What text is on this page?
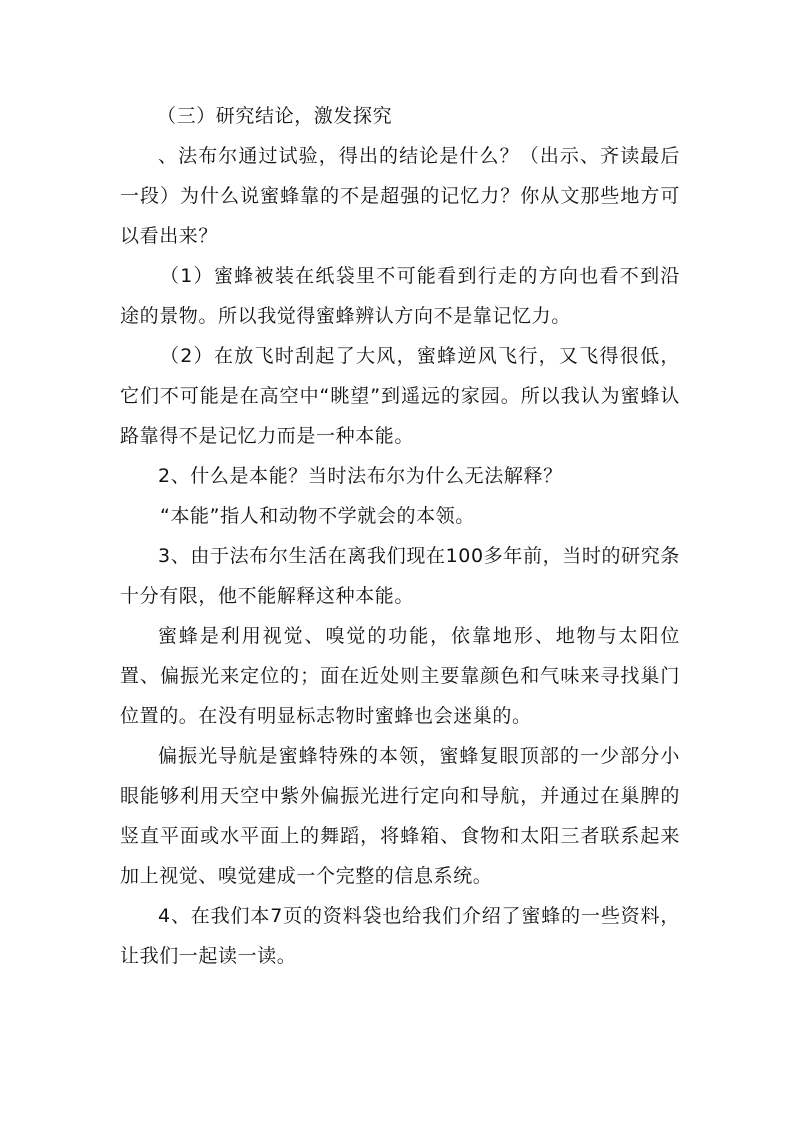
（三）研究结论，激发探究

、法布尔通过试验，得出的结论是什么？（出示、齐读最后一段）为什么说蜜蜂靠的不是超强的记忆力？你从文那些地方可以看出来？

（1）蜜蜂被装在纸袋里不可能看到行走的方向也看不到沿途的景物。所以我觉得蜜蜂辨认方向不是靠记忆力。

（2）在放飞时刮起了大风，蜜蜂逆风飞行，又飞得很低，它们不可能是在高空中“眺望”到遥远的家园。所以我认为蜜蜂认路靠得不是记忆力而是一种本能。

2、什么是本能？当时法布尔为什么无法解释？

“本能”指人和动物不学就会的本领。

3、由于法布尔生活在离我们现在100多年前，当时的研究条十分有限，他不能解释这种本能。

蜜蜂是利用视觉、嗅觉的功能，依靠地形、地物与太阳位置、偏振光来定位的；面在近处则主要靠颜色和气味来寻找巢门位置的。在没有明显标志物时蜜蜂也会迷巢的。

偏振光导航是蜜蜂特殊的本领，蜜蜂复眼顶部的一少部分小眼能够利用天空中紫外偏振光进行定向和导航，并通过在巢脾的竖直平面或水平面上的舞蹈，将蜂箱、食物和太阳三者联系起来加上视觉、嗅觉建成一个完整的信息系统。

4、在我们本7页的资料袋也给我们介绍了蜜蜂的一些资料，让我们一起读一读。
